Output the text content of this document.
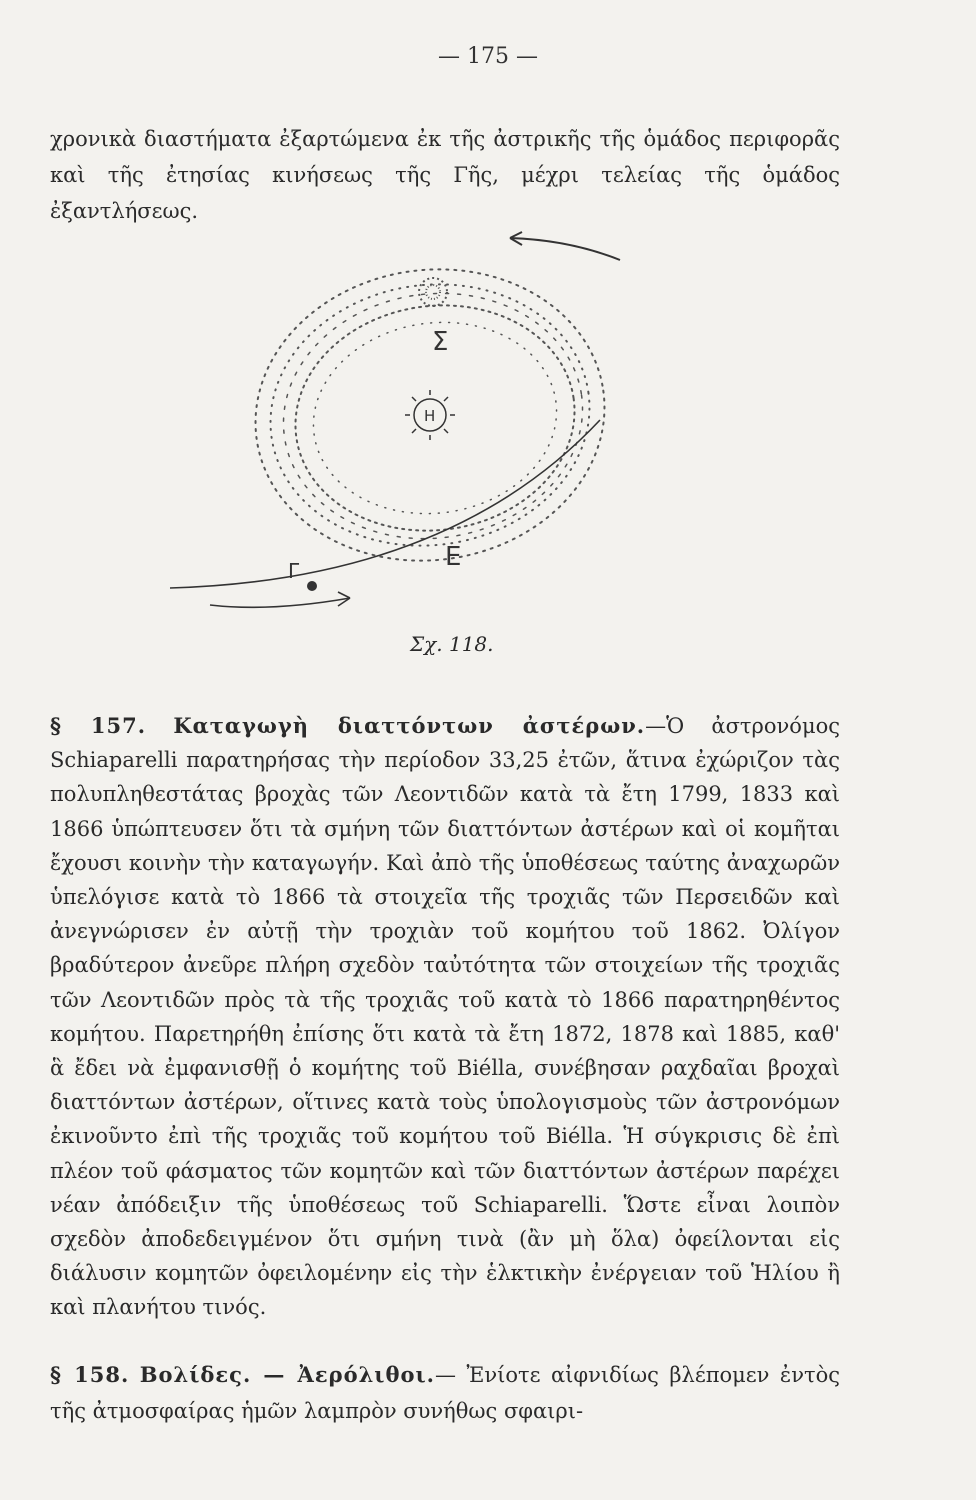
— 175 —

χρονικὰ διαστήματα ἐξαρτώμενα ἐκ τῆς ἀστρικῆς τῆς ὁμάδος περιφορᾶς καὶ τῆς ἐτησίας κινήσεως τῆς Γῆς, μέχρι τελείας τῆς ὁμάδος ἐξαντλήσεως.

Η
Σ
Ε
Γ
Σχ. 118.

§ 157. Καταγωγὴ διαττόντων ἀστέρων.—Ὁ ἀστρονόμος Schiaparelli παρατηρήσας τὴν περίοδον 33,25 ἐτῶν, ἅτινα ἐχώριζον τὰς πολυπληθεστάτας βροχὰς τῶν Λεοντιδῶν κατὰ τὰ ἔτη 1799, 1833 καὶ 1866 ὑπώπτευσεν ὅτι τὰ σμήνη τῶν διαττόντων ἀστέρων καὶ οἱ κομῆται ἔχουσι κοινὴν τὴν καταγωγήν. Καὶ ἀπὸ τῆς ὑποθέσεως ταύτης ἀναχωρῶν ὑπελόγισε κατὰ τὸ 1866 τὰ στοιχεῖα τῆς τροχιᾶς τῶν Περσειδῶν καὶ ἀνεγνώρισεν ἐν αὐτῇ τὴν τροχιὰν τοῦ κομήτου τοῦ 1862. Ὀλίγον βραδύτερον ἀνεῦρε πλήρη σχεδὸν ταὐτότητα τῶν στοιχείων τῆς τροχιᾶς τῶν Λεοντιδῶν πρὸς τὰ τῆς τροχιᾶς τοῦ κατὰ τὸ 1866 παρατηρηθέντος κομήτου. Παρετηρήθη ἐπίσης ὅτι κατὰ τὰ ἔτη 1872, 1878 καὶ 1885, καθ' ἃ ἔδει νὰ ἐμφανισθῇ ὁ κομήτης τοῦ Biélla, συνέβησαν ραχδαῖαι βροχαὶ διαττόντων ἀστέρων, οἵτινες κατὰ τοὺς ὑπολογισμοὺς τῶν ἀστρονόμων ἐκινοῦντο ἐπὶ τῆς τροχιᾶς τοῦ κομήτου τοῦ Biélla. Ἡ σύγκρισις δὲ ἐπὶ πλέον τοῦ φάσματος τῶν κομητῶν καὶ τῶν διαττόντων ἀστέρων παρέχει νέαν ἀπόδειξιν τῆς ὑποθέσεως τοῦ Schiaparelli. Ὥστε εἶναι λοιπὸν σχεδὸν ἀποδεδειγμένον ὅτι σμήνη τινὰ (ἂν μὴ ὅλα) ὀφείλονται εἰς διάλυσιν κομητῶν ὀφειλομένην εἰς τὴν ἑλκτικὴν ἐνέργειαν τοῦ Ἡλίου ἢ καὶ πλανήτου τινός.

§ 158. Βολίδες. — Ἀερόλιθοι.— Ἐνίοτε αἰφνιδίως βλέπομεν ἐντὸς τῆς ἀτμοσφαίρας ἡμῶν λαμπρὸν συνήθως σφαιρι-
